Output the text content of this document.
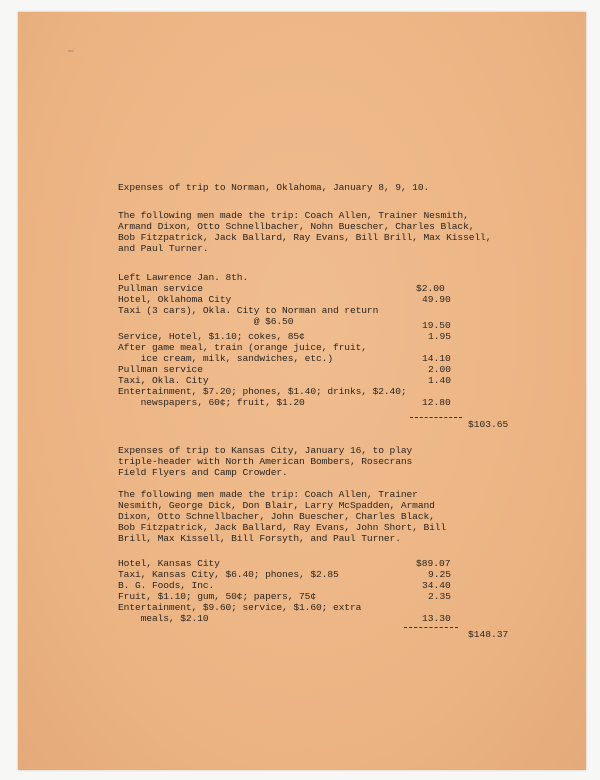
Expenses of trip to Norman, Oklahoma, January 8, 9, 10.
The following men made the trip: Coach Allen, Trainer Nesmith,
Armand Dixon, Otto Schnellbacher, Nohn Buescher, Charles Black,
Bob Fitzpatrick, Jack Ballard, Ray Evans, Bill Brill, Max Kissell,
and Paul Turner.
Left Lawrence Jan. 8th.
Pullman service	$2.00
Hotel, Oklahoma City	49.90
Taxi (3 cars), Okla. City to Norman and return
@ $6.50	19.50
Service, Hotel, $1.10; cokes, 85¢	1.95
After game meal, train (orange juice, fruit,
ice cream, milk, sandwiches, etc.)	14.10
Pullman service	2.00
Taxi, Okla. City	1.40
Entertainment, $7.20; phones, $1.40; drinks, $2.40;
newspapers, 60¢; fruit, $1.20	12.80
$103.65
Expenses of trip to Kansas City, January 16, to play
triple-header with North American Bombers, Rosecrans
Field Flyers and Camp Crowder.
The following men made the trip: Coach Allen, Trainer
Nesmith, George Dick, Don Blair, Larry McSpadden, Armand
Dixon, Otto Schnellbacher, John Buescher, Charles Black,
Bob Fitzpatrick, Jack Ballard, Ray Evans, John Short, Bill
Brill, Max Kissell, Bill Forsyth, and Paul Turner.
Hotel, Kansas City	$89.07
Taxi, Kansas City, $6.40; phones, $2.85	9.25
B. G. Foods, Inc.	34.40
Fruit, $1.10; gum, 50¢; papers, 75¢	2.35
Entertainment, $9.60; service, $1.60; extra
meals, $2.10	13.30
$148.37
